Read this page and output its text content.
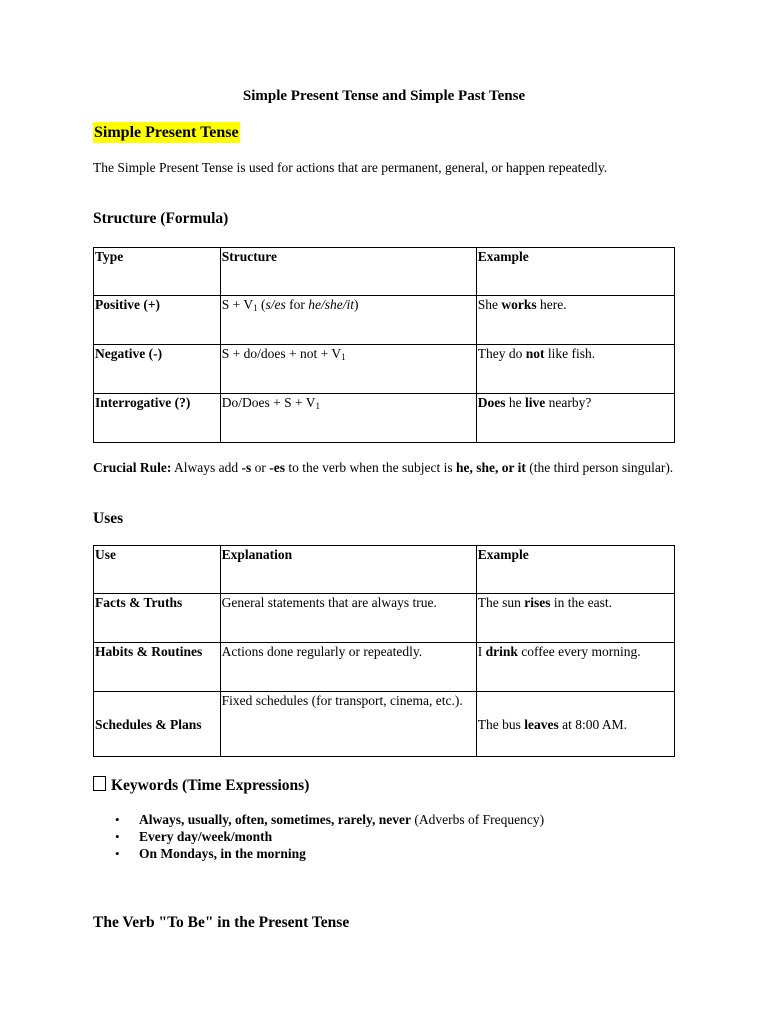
Simple Present Tense and Simple Past Tense
Simple Present Tense
The Simple Present Tense is used for actions that are permanent, general, or happen repeatedly.
Structure (Formula)
Type	Structure	Example
Positive (+)	$S + V_1$ (s/es for he/she/it)	She works here.
Negative (-)	S + do/does + not + $V_1$	They do not like fish.
Interrogative (?)	Do/Does + $S + V_1$	Does he live nearby?
Crucial Rule: Always add -s or -es to the verb when the subject is he, she, or it (the third person singular).
Uses
Use	Explanation	Example
Facts & Truths	General statements that are always true.	The sun rises in the east.
Habits & Routines	Actions done regularly or repeatedly.	I drink coffee every morning.
Schedules & Plans	Fixed schedules (for transport, cinema, etc.).	The bus leaves at 8:00 AM.
Keywords (Time Expressions)
• Always, usually, often, sometimes, rarely, never (Adverbs of Frequency)
• Every day/week/month
• On Mondays, in the morning
The Verb "To Be" in the Present Tense
